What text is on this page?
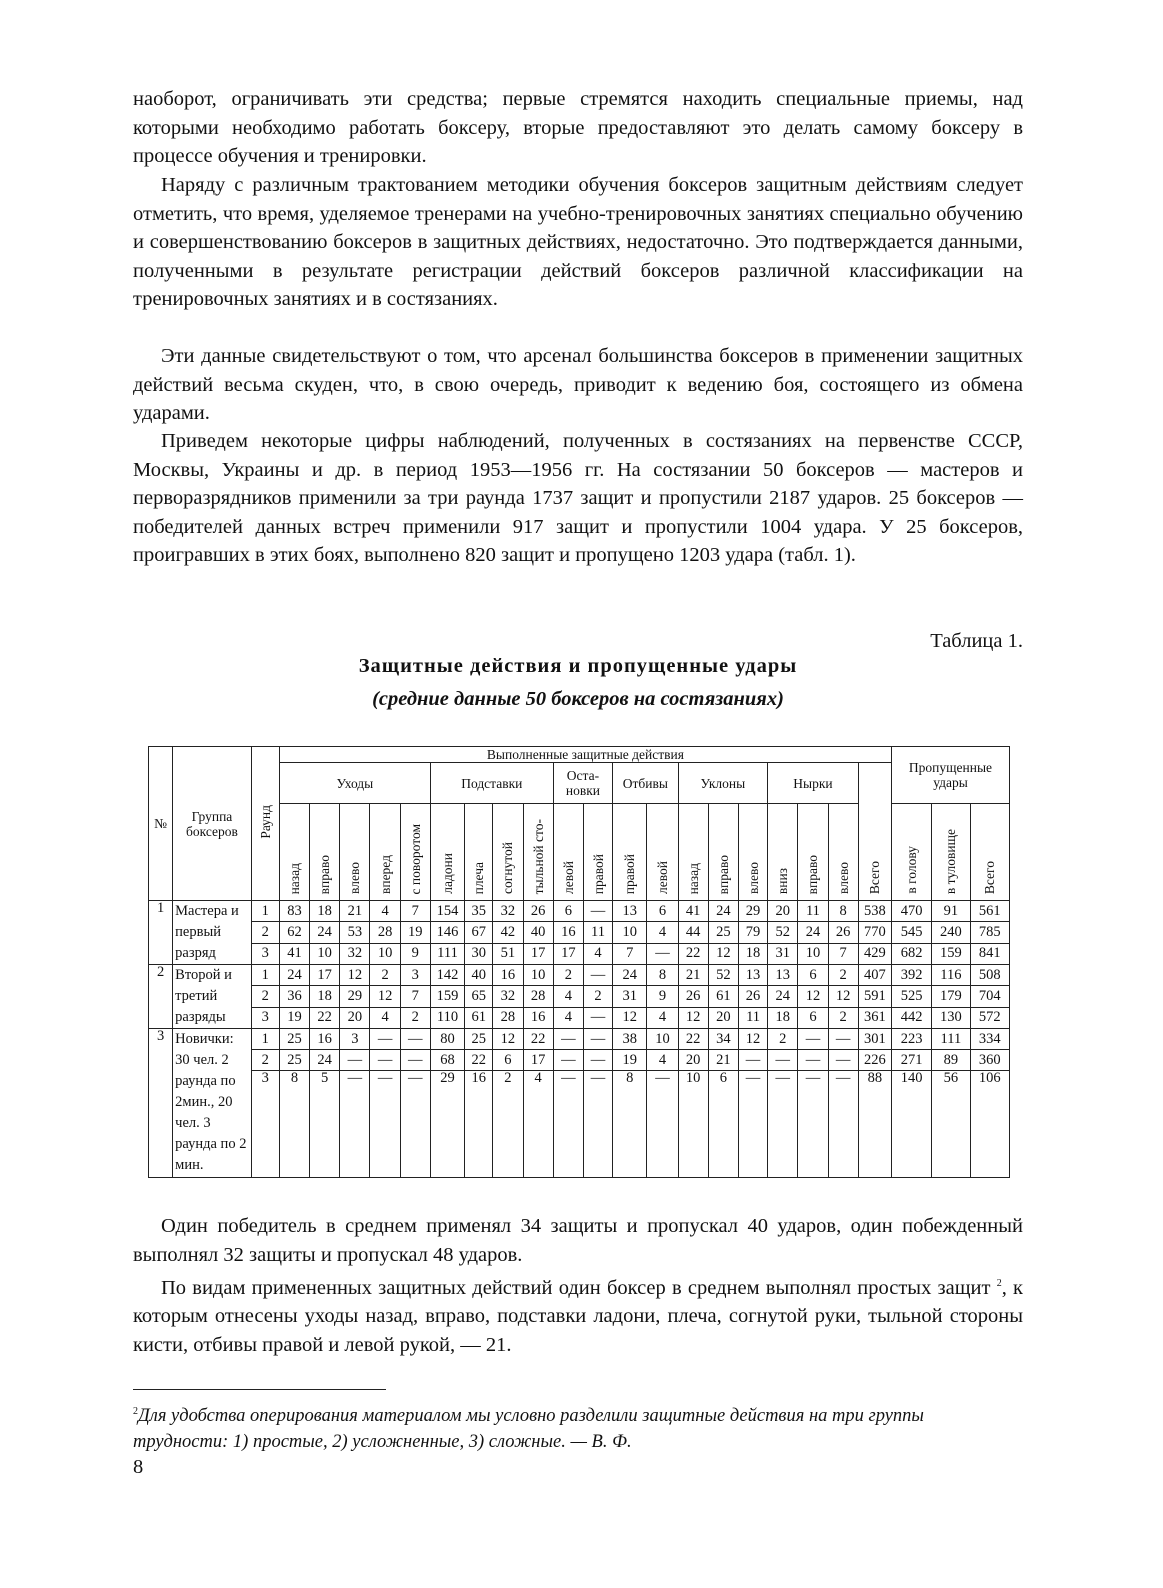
наоборот, ограничивать эти средства; первые стремятся находить специальные приемы, над которыми необходимо работать боксеру, вторые предоставляют это делать самому боксеру в процессе обучения и тренировки.

Наряду с различным трактованием методики обучения боксеров защитным действиям следует отметить, что время, уделяемое тренерами на учебно-тренировочных занятиях специально обучению и совершенствованию боксеров в защитных действиях, недостаточно. Это подтверждается данными, полученными в результате регистрации действий боксеров различной классификации на тренировочных занятиях и в состязаниях.

Эти данные свидетельствуют о том, что арсенал большинства боксеров в применении защитных действий весьма скуден, что, в свою очередь, приводит к ведению боя, состоящего из обмена ударами.

Приведем некоторые цифры наблюдений, полученных в состязаниях на первенстве СССР, Москвы, Украины и др. в период 1953—1956 гг. На состязании 50 боксеров — мастеров и перворазрядников применили за три раунда 1737 защит и пропустили 2187 ударов. 25 боксеров — победителей данных встреч применили 917 защит и пропустили 1004 удара. У 25 боксеров, проигравших в этих боях, выполнено 820 защит и пропущено 1203 удара (табл. 1).

Таблица 1.
Защитные действия и пропущенные удары
(средние данные 50 боксеров на состязаниях)
№	Группа боксеров	Раунд	Выполненные защитные действия																				Пропущенные удары		
			Уходы					Подставки				Оста-новки		Отбивы		Уклоны			Нырки			Всего			
			назад	вправо	влево	вперед	с поворотом	ладони	плеча	согнутой	тыльной сто-	левой	правой	правой	левой	назад	вправо	влево	вниз	вправо	влево		в голову	в туловище	Всего
1	Мастера и первый разряд	1	83	18	21	4	7	154	35	32	26	6	—	13	6	41	24	29	20	11	8	538	470	91	561
		2	62	24	53	28	19	146	67	42	40	16	11	10	4	44	25	79	52	24	26	770	545	240	785
		3	41	10	32	10	9	111	30	51	17	17	4	7	—	22	12	18	31	10	7	429	682	159	841
2	Второй и третий разряды	1	24	17	12	2	3	142	40	16	10	2	—	24	8	21	52	13	13	6	2	407	392	116	508
		2	36	18	29	12	7	159	65	32	28	4	2	31	9	26	61	26	24	12	12	591	525	179	704
		3	19	22	20	4	2	110	61	28	16	4	—	12	4	12	20	11	18	6	2	361	442	130	572
3	Новички: 30 чел. 2 раунда по 2мин., 20 чел. 3 раунда по 2 мин.	1	25	16	3	—	—	80	25	12	22	—	—	38	10	22	34	12	2	—	—	301	223	111	334
		2	25	24	—	—	—	68	22	6	17	—	—	19	4	20	21	—	—	—	—	226	271	89	360
		3	8	5	—	—	—	29	16	2	4	—	—	8	—	10	6	—	—	—	—	88	140	56	106

Один победитель в среднем применял 34 защиты и пропускал 40 ударов, один побежденный выполнял 32 защиты и пропускал 48 ударов.

По видам примененных защитных действий один боксер в среднем выполнял простых защит $^2$, к которым отнесены уходы назад, вправо, подставки ладони, плеча, согнутой руки, тыльной стороны кисти, отбивы правой и левой рукой, — 21.

$^2$Для удобства оперирования материалом мы условно разделили защитные действия на три группы трудности: 1) простые, 2) усложненные, 3) сложные. — В. Ф.

8
